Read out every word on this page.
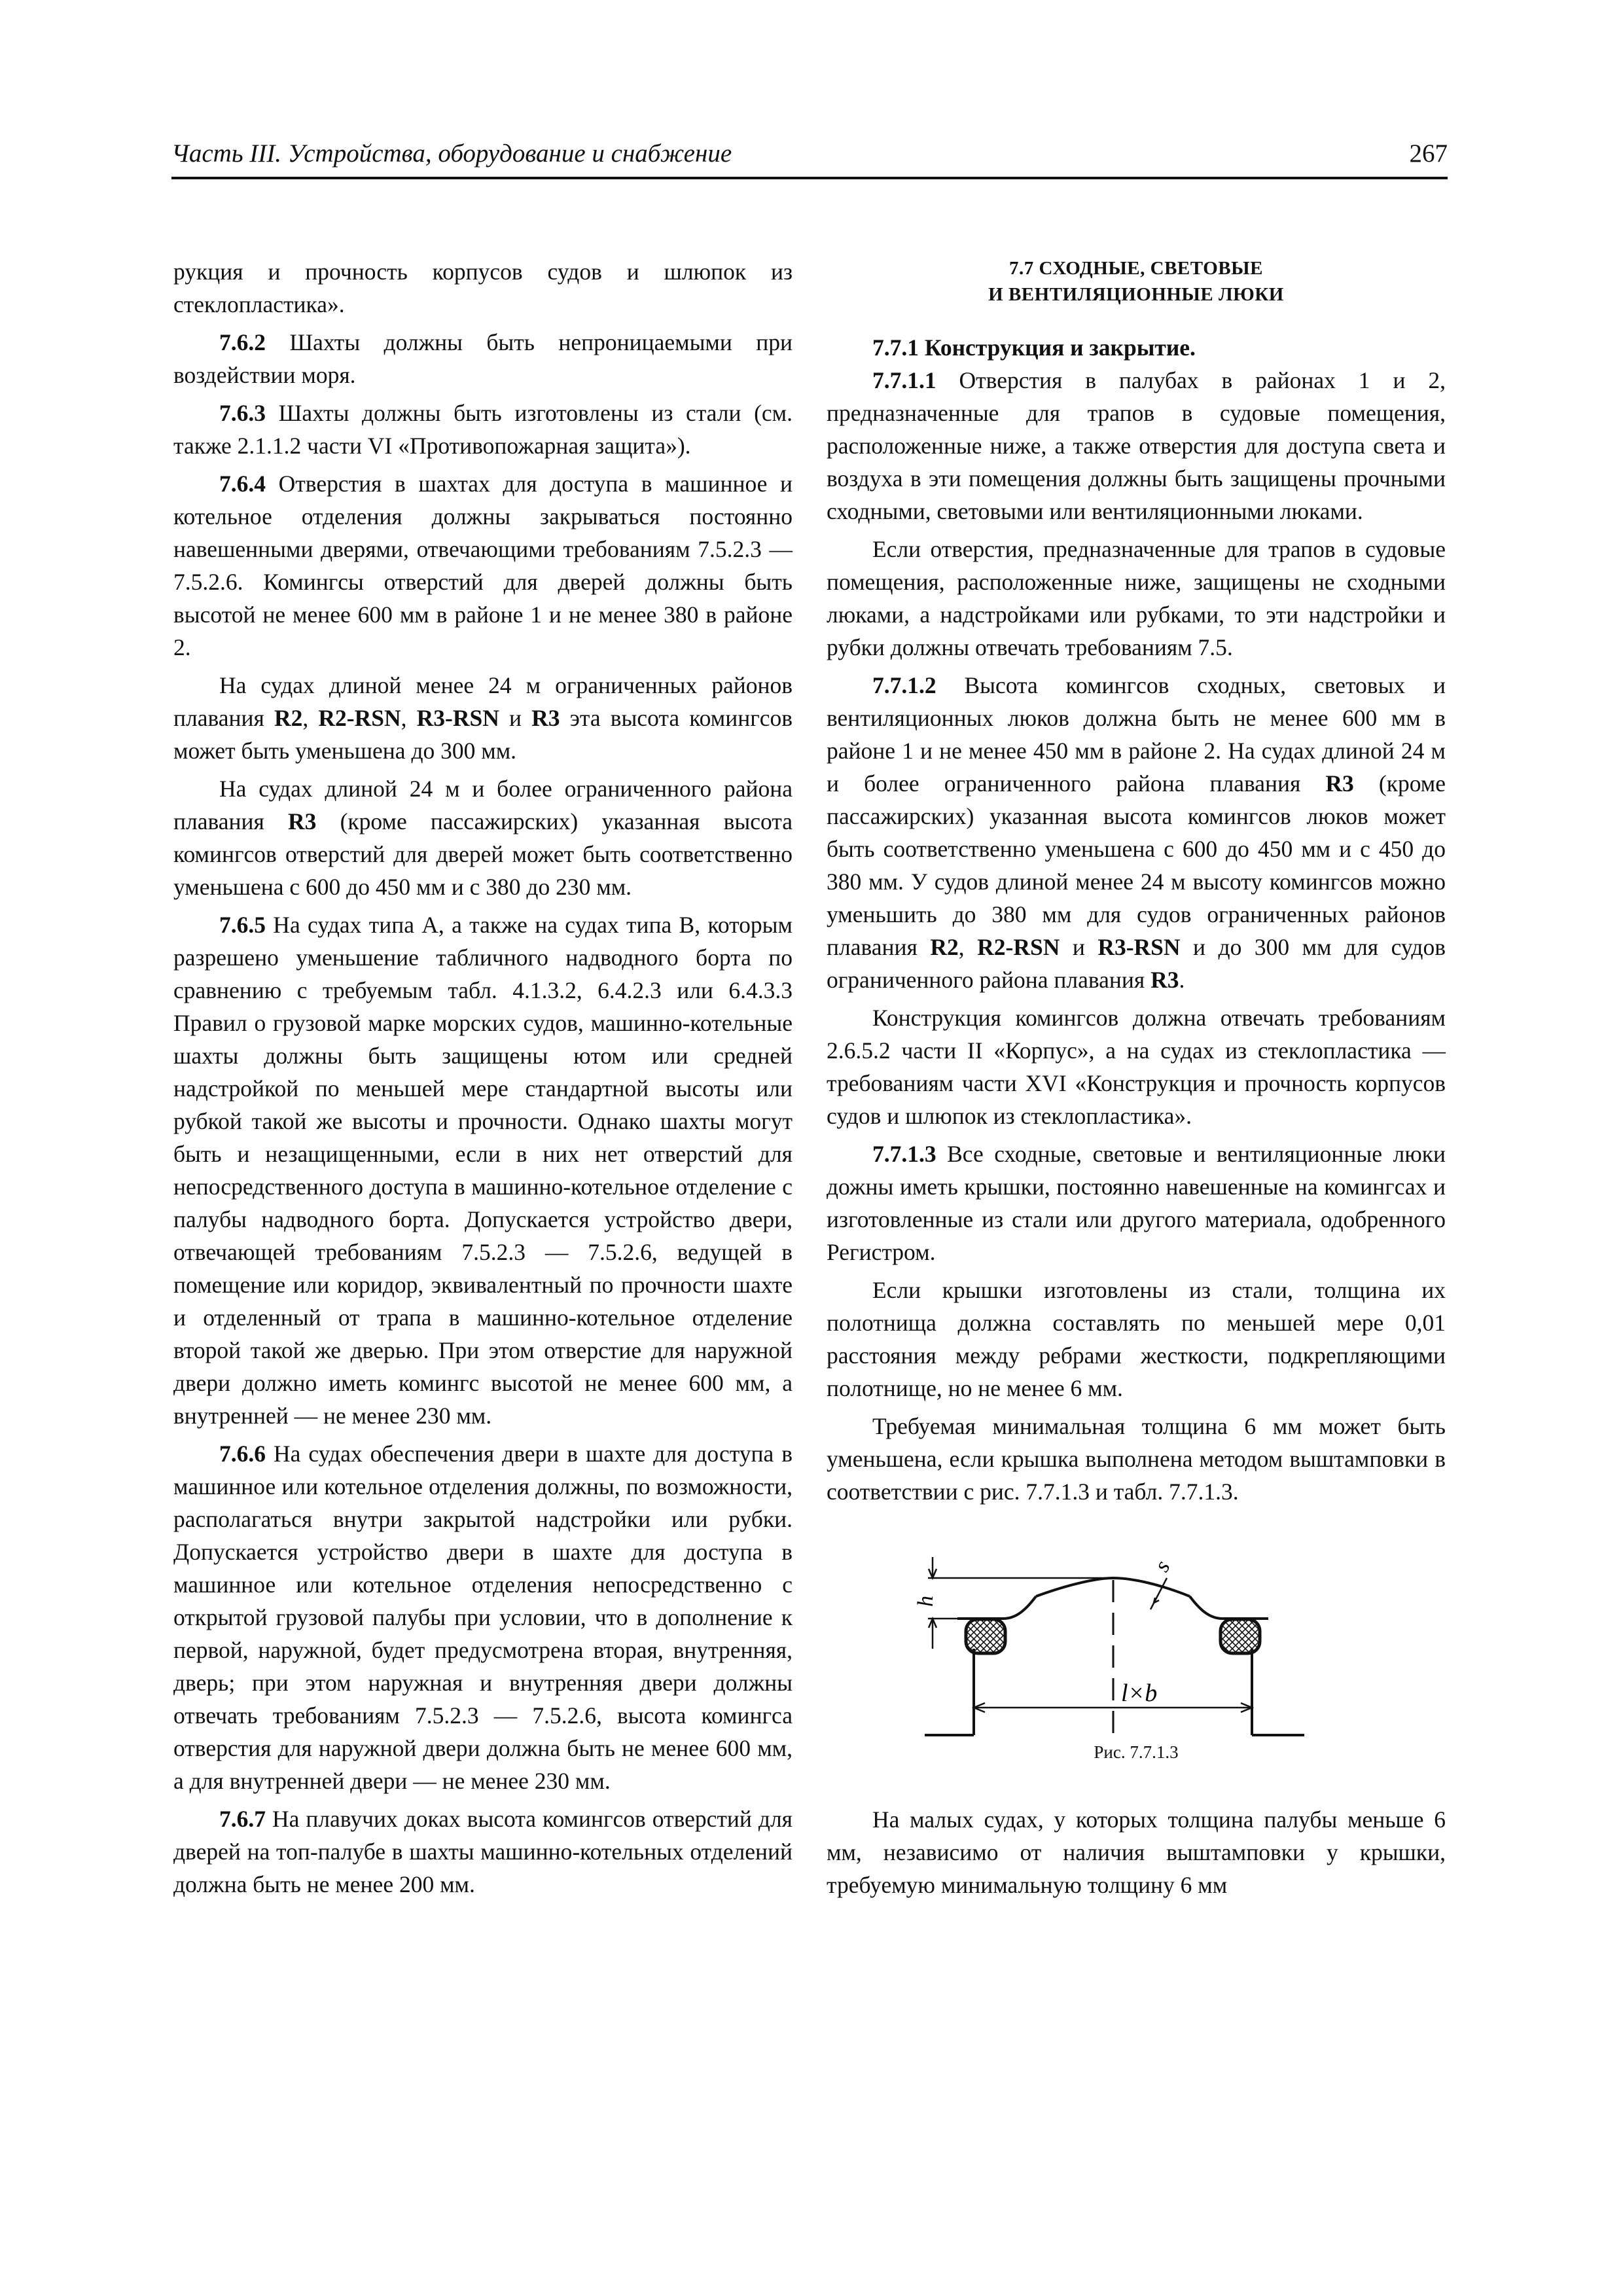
Часть III. Устройства, оборудование и снабжение	267

рукция и прочность корпусов судов и шлюпок из стеклопластика».

7.6.2 Шахты должны быть непроницаемыми при воздействии моря.

7.6.3 Шахты должны быть изготовлены из стали (см. также 2.1.1.2 части VI «Противопожарная защита»).

7.6.4 Отверстия в шахтах для доступа в машинное и котельное отделения должны закрываться постоянно навешенными дверями, отвечающими требованиям 7.5.2.3 — 7.5.2.6. Комингсы отверстий для дверей должны быть высотой не менее 600 мм в районе 1 и не менее 380 в районе 2.

На судах длиной менее 24 м ограниченных районов плавания R2, R2-RSN, R3-RSN и R3 эта высота комингсов может быть уменьшена до 300 мм.

На судах длиной 24 м и более ограниченного района плавания R3 (кроме пассажирских) указанная высота комингсов отверстий для дверей может быть соответственно уменьшена с 600 до 450 мм и с 380 до 230 мм.

7.6.5 На судах типа А, а также на судах типа В, которым разрешено уменьшение табличного надводного борта по сравнению с требуемым табл. 4.1.3.2, 6.4.2.3 или 6.4.3.3 Правил о грузовой марке морских судов, машинно-котельные шахты должны быть защищены ютом или средней надстройкой по меньшей мере стандартной высоты или рубкой такой же высоты и прочности. Однако шахты могут быть и незащищенными, если в них нет отверстий для непосредственного доступа в машинно-котельное отделение с палубы надводного борта. Допускается устройство двери, отвечающей требованиям 7.5.2.3 — 7.5.2.6, ведущей в помещение или коридор, эквивалентный по прочности шахте и отделенный от трапа в машинно-котельное отделение второй такой же дверью. При этом отверстие для наружной двери должно иметь комингс высотой не менее 600 мм, а внутренней — не менее 230 мм.

7.6.6 На судах обеспечения двери в шахте для доступа в машинное или котельное отделения должны, по возможности, располагаться внутри закрытой надстройки или рубки. Допускается устройство двери в шахте для доступа в машинное или котельное отделения непосредственно с открытой грузовой палубы при условии, что в дополнение к первой, наружной, будет предусмотрена вторая, внутренняя, дверь; при этом наружная и внутренняя двери должны отвечать требованиям 7.5.2.3 — 7.5.2.6, высота комингса отверстия для наружной двери должна быть не менее 600 мм, а для внутренней двери — не менее 230 мм.

7.6.7 На плавучих доках высота комингсов отверстий для дверей на топ-палубе в шахты машинно-котельных отделений должна быть не менее 200 мм.

7.7 СХОДНЫЕ, СВЕТОВЫЕ
И ВЕНТИЛЯЦИОННЫЕ ЛЮКИ

7.7.1 Конструкция и закрытие.

7.7.1.1 Отверстия в палубах в районах 1 и 2, предназначенные для трапов в судовые помещения, расположенные ниже, а также отверстия для доступа света и воздуха в эти помещения должны быть защищены прочными сходными, световыми или вентиляционными люками.

Если отверстия, предназначенные для трапов в судовые помещения, расположенные ниже, защищены не сходными люками, а надстройками или рубками, то эти надстройки и рубки должны отвечать требованиям 7.5.

7.7.1.2 Высота комингсов сходных, световых и вентиляционных люков должна быть не менее 600 мм в районе 1 и не менее 450 мм в районе 2. На судах длиной 24 м и более ограниченного района плавания R3 (кроме пассажирских) указанная высота комингсов люков может быть соответственно уменьшена с 600 до 450 мм и с 450 до 380 мм. У судов длиной менее 24 м высоту комингсов можно уменьшить до 380 мм для судов ограниченных районов плавания R2, R2-RSN и R3-RSN и до 300 мм для судов ограниченного района плавания R3.

Конструкция комингсов должна отвечать требованиям 2.6.5.2 части II «Корпус», а на судах из стеклопластика — требованиям части XVI «Конструкция и прочность корпусов судов и шлюпок из стеклопластика».

7.7.1.3 Все сходные, световые и вентиляционные люки дожны иметь крышки, постоянно навешенные на комингсах и изготовленные из стали или другого материала, одобренного Регистром.

Если крышки изготовлены из стали, толщина их полотнища должна составлять по меньшей мере 0,01 расстояния между ребрами жесткости, подкрепляющими полотнище, но не менее 6 мм.

Требуемая минимальная толщина 6 мм может быть уменьшена, если крышка выполнена методом выштамповки в соответствии с рис. 7.7.1.3 и табл. 7.7.1.3.

h
s
l×b

Рис. 7.7.1.3

На малых судах, у которых толщина палубы меньше 6 мм, независимо от наличия выштамповки у крышки, требуемую минимальную толщину 6 мм
